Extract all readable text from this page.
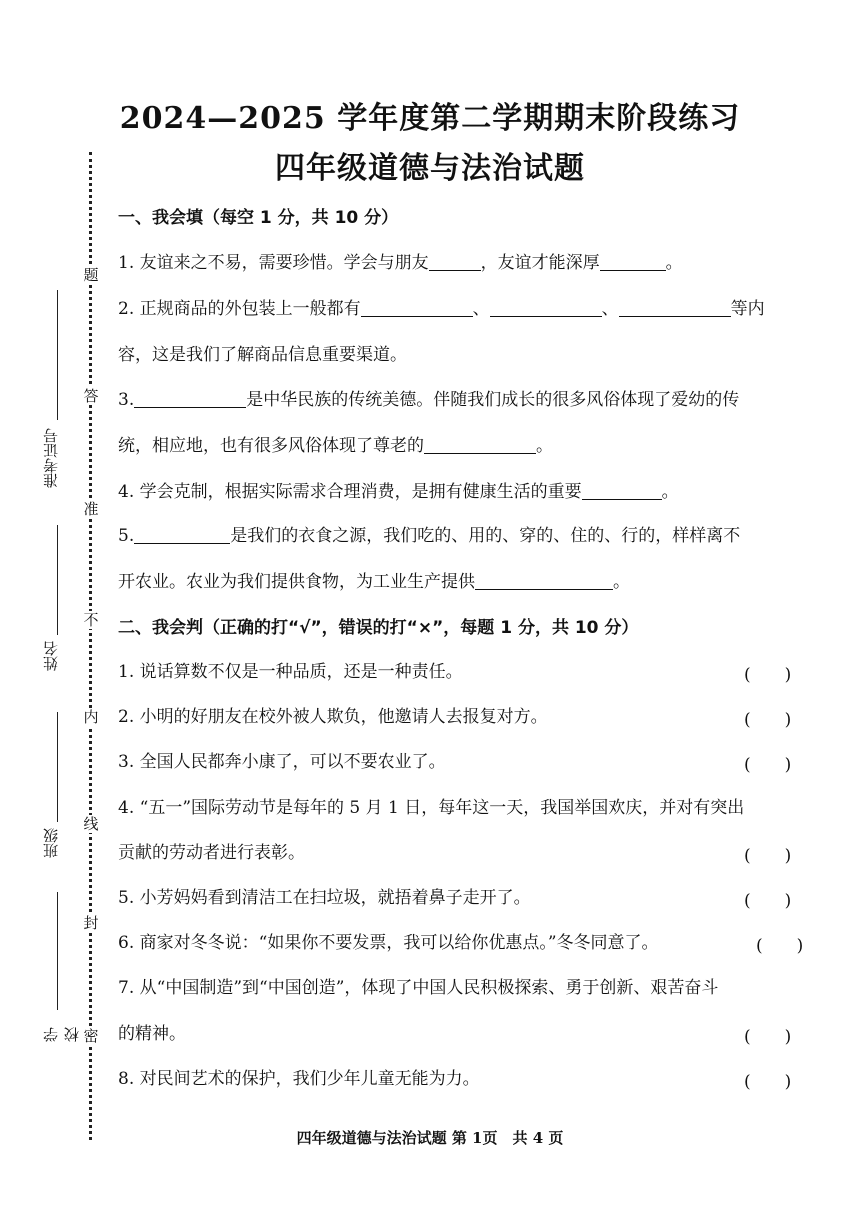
2024—2025 学年度第二学期期末阶段练习
四年级道德与法治试题
题
答
准
不
内
线
封
密
准考证号
姓名
班级
学校
一、我会填（每空 1 分，共 10 分）
1. 友谊来之不易，需要珍惜。学会与朋友	，友谊才能深厚	。
2. 正规商品的外包装上一般都有	、	、	等内
容，这是我们了解商品信息重要渠道。
3.	是中华民族的传统美德。伴随我们成长的很多风俗体现了爱幼的传
统，相应地，也有很多风俗体现了尊老的	。
4. 学会克制，根据实际需求合理消费，是拥有健康生活的重要	。
5.	是我们的衣食之源，我们吃的、用的、穿的、住的、行的，样样离不
开农业。农业为我们提供食物，为工业生产提供	。
二、我会判（正确的打“√”，错误的打“×”，每题 1 分，共 10 分）
1. 说话算数不仅是一种品质，还是一种责任。	(　　)
2. 小明的好朋友在校外被人欺负，他邀请人去报复对方。	(　　)
3. 全国人民都奔小康了，可以不要农业了。	(　　)
4. “五一”国际劳动节是每年的 5 月 1 日，每年这一天，我国举国欢庆，并对有突出
贡献的劳动者进行表彰。	(　　)
5. 小芳妈妈看到清洁工在扫垃圾，就捂着鼻子走开了。	(　　)
6. 商家对冬冬说：“如果你不要发票，我可以给你优惠点。”冬冬同意了。	(　　)
7. 从“中国制造”到“中国创造”，体现了中国人民积极探索、勇于创新、艰苦奋斗
的精神。	(　　)
8. 对民间艺术的保护，我们少年儿童无能为力。	(　　)
四年级道德与法治试题 第 1页　共 4 页
